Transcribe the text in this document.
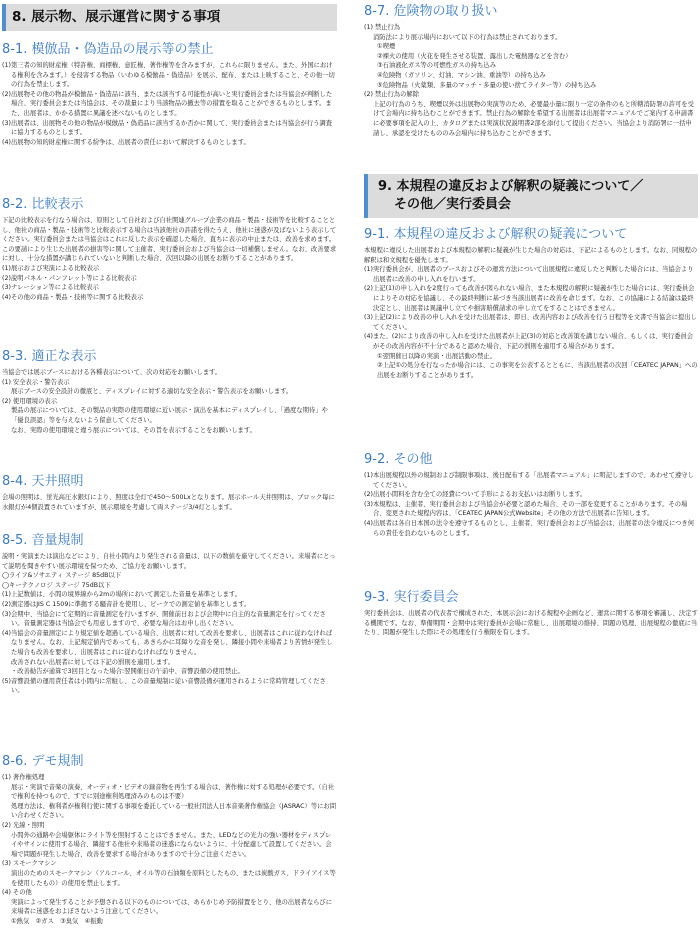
8. 展示物、展示運営に関する事項
8-1. 模倣品・偽造品の展示等の禁止
(1) 第三者の知的財産権（特許権、商標権、意匠権、著作権等を含みますが、これらに限りません。また、外国における権利を含みます。）を侵害する物品（いわゆる模倣品・偽造品）を展示、配布、または上映すること、その他一切の行為を禁止します。
(2) 出展物その他の物品が模倣品・偽造品に該当、または該当する可能性が高いと実行委員会または当協会が判断した場合、実行委員会または当協会は、その裁量により当該物品の撤去等の措置を取ることができるものとします。また、出展者は、かかる措置に異議を述べないものとします。
(3) 出展者は、出展物その他の物品が模倣品・偽造品に該当するか否かに関して、実行委員会または当協会が行う調査に協力するものとします。
(4) 出展物の知的財産権に関する紛争は、出展者の責任において解決するものとします。
8-2. 比較表示

下記の比較表示を行なう場合は、原則として自社および自社関連グループ企業の商品・製品・技術等を比較することとし、他社の商品・製品・技術等と比較表示する場合は当該他社の許諾を得たうえ、他社に迷惑が及ばないよう表示してください。実行委員会または当協会はこれに反した表示を確認した場合、直ちに表示の中止または、改善を求めます。この要請により生じた出展者の損害等に関して主催者、実行委員会および当協会は一切補償しません。なお、改善要求に対し、十分な措置が講じられていないと判断した場合、次回以降の出展をお断りすることがあります。

(1) 展示および実演による比較表示
(2) 説明パネル・パンフレット等による比較表示
(3) ナレーション等による比較表示
(4) その他の商品・製品・技術等に関する比較表示
8-3. 適正な表示

当協会では展示ブースにおける各種表示について、次の対応をお願いします。

(1) 安全表示・警告表示

展示ブースの安全設計の徹底と、ディスプレイに対する適切な安全表示・警告表示をお願いします。

(2) 使用環境の表示

製品の展示については、その製品の実際の使用環境に近い展示・演出を基本にディスプレイし、「過度な期待」や「優良誤認」等を与えないよう留意してください。

なお、実際の使用環境と違う展示については、その旨を表示することをお願いします。

8-4. 天井照明
会場の照明は、蛍光高圧水銀灯により、照度は全灯で450～500Lxとなります。展示ホール天井照明は、ブロック毎に水銀灯が4個設置されていますが、展示環境を考慮して両ステージ3/4灯とします。
8-5. 音量規制

説明・実演または演出などにより、自社小間内より発生される音量は、以下の数値を厳守してください。来場者にとって説明を聞きやすい展示環境を保つため、ご協力をお願いします。

◯ライフ&ソサエティ ステージ 85dB以下

◯キーテクノロジ ステージ 75dB以下

(1) 上記数値は、小間の境界線から2mの場所において測定した音量を基準とします。
(2) 測定器はJIS C 1509に準拠する騒音計を使用し、ピークでの測定値を基準とします。
(3) 会期中、当協会にて定期的に音量測定を行いますが、開催前日および会期中に自主的な音量測定を行ってください。音量測定器は当協会でも用意しますので、必要な場合はお申し出ください。
(4) 当協会の音量測定により規定値を超過している場合、出展者に対して改善を要求し、出展者はこれに従わなければなりません。なお、上記規定値内であっても、あきらかに耳障りな音を発し、隣接小間や来場者より苦情が発生した場合も改善を要求し、出展者はこれに従わなければなりません。
改善されない出展者に対しては下記の罰則を適用します。
・改善勧告が通算で3回目となった場合:翌開催日の午前中、音響設備の使用禁止。
(5) 音響設備の運用責任者は小間内に常駐し、この音量規制に従い音響設備が運用されるように常時管理してください。
8-6. デモ規制

(1) 著作権処理

展示・実演で音楽の演奏、オーディオ・ビデオの録音物を再生する場合は、著作権に対する処理が必要です。（自社で権利を持つもので、すでに別途権利処理済みのものは不要）

処理方法は、権利者が権利行使に関する事項を委託している一般社団法人日本音楽著作権協会（JASRAC）等にお問い合わせください。

(2) 光線・照明

小間外の通路や会場躯体にライト等を照射することはできません。また、LEDなどの光力の強い器材をディスプレイやサインに使用する場合、隣接する他社や来場者の迷惑にならないように、十分配慮して設置してください。会場で問題が発生した場合、改善を要求する場合がありますので十分ご注意ください。

(3) スモークマシン

演出のためのスモークマシン（アルコール、オイル等の石油類を原料としたもの、または炭酸ガス、ドライアイス等を使用したもの）の使用を禁止します。

(4) その他

実演によって発生することが予想される以下のものについては、あらかじめ予防措置をとり、他の出展者ならびに来場者に迷惑をおよぼさないよう注意してください。

①熱気　②ガス　③臭気　④振動

8-7. 危険物の取り扱い

(1) 禁止行為

消防法により展示場内において以下の行為は禁止されております。

①喫煙

②裸火の使用（火花を発生させる装置、露出した電熱器などを含む）

③石油液化ガス等の可燃性ガスの持ち込み

④危険物（ガソリン、灯油、マシン油、重油等）の持ち込み

⑤危険物品（火薬類、多量のマッチ・多量の使い捨てライター等）の持ち込み

(2) 禁止行為の解除

上記の行為のうち、喫煙以外は出展物の実演等のため、必要最小量に限り一定の条件のもと所轄消防署の許可を受けて会場内に持ち込むことができます。禁止行為の解除を希望する出展者は出展者マニュアルでご案内する申請書に必要事項を記入の上、カタログまたは実演状況説明書2部を添付して提出ください。当協会より消防署に一括申請し、承認を受けたもののみ会場内に持ち込むことができます。

9. 本規程の違反および解釈の疑義について／
その他／実行委員会
9-1. 本規程の違反および解釈の疑義について

本規程に違反した出展者および本規程の解釈に疑義が生じた場合の対応は、下記によるものとします。なお、同規程の解釈は和文規程を優先します。

(1) 実行委員会が、出展者のブースおよびその運営方法について出展規程に違反したと判断した場合には、当協会より出展者に改善の申し入れを行います。
(2) 上記(1)の申し入れを2度行っても改善が図られない場合、また本規程の解釈に疑義が生じた場合には、実行委員会によりその対応を協議し、その最終判断に基づき当該出展者に改善を命じます。なお、この協議による結論は最終決定とし、出展者は異議申し立てや損害賠償請求の申し立てをすることはできません。
(3) 上記(2)により改善の申し入れを受けた出展者は、即日、改善内容および改善を行う日程等を文書で当協会に提出してください。
(4) また、(2)により改善の申し入れを受けた出展者が上記(3)の対応と改善策を講じない場合、もしくは、実行委員会がその改善内容が不十分であると認めた場合、下記の罰則を適用する場合があります。

①翌開催日以降の実演・出展活動の禁止。

②上記①の処分を行なったか場合には、この事実を公表するとともに、当該出展者の次回「CEATEC JAPAN」への出展をお断りすることがあります。

9-2. その他
(1) 本出展規程以外の規制および制限事項は、後日配布する「出展者マニュアル」に明記しますので、あわせて遵守してください。
(2) 出展小間料を含む全ての経費について手形によるお支払いはお断りします。
(3) 本規程は、主催者、実行委員会および当協会が必要と認めた場合、その一部を変更することがあります。その場合、変更された規程内容は、「CEATEC JAPAN公式Website」その他の方法で出展者に告知します。
(4) 出展者は各自日本国の法令を遵守するものとし、主催者、実行委員会および当協会は、出展者の法令違反につき何らの責任を負わないものとします。
9-3. 実行委員会
実行委員会は、出展者の代表者で構成された、本展示会における規程や企画など、運営に関する事項を審議し、決定する機関です。なお、準備期間・会期中は実行委員が会場に常駐し、出展環境の維持、問題の処理、出展規程の徹底に当たり、問題が発生した際にその処理を行う権限を有します。
